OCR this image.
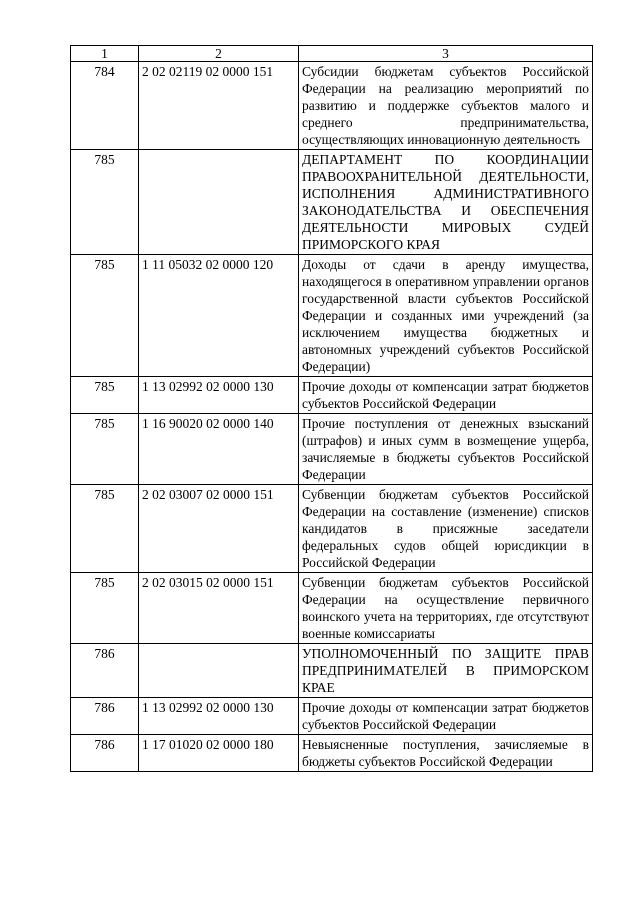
1	2	3
784	2 02 02119 02 0000 151	Субсидии бюджетам субъектов Российской Федерации на реализацию мероприятий по развитию и поддержке субъектов малого и среднего предпринимательства, осуществляющих инновационную деятельность
785		ДЕПАРТАМЕНТ ПО КООРДИНАЦИИ ПРАВООХРАНИТЕЛЬНОЙ ДЕЯТЕЛЬНОСТИ, ИСПОЛНЕНИЯ АДМИНИСТРАТИВНОГО ЗАКОНОДАТЕЛЬСТВА И ОБЕСПЕЧЕНИЯ ДЕЯТЕЛЬНОСТИ МИРОВЫХ СУДЕЙ ПРИМОРСКОГО КРАЯ
785	1 11 05032 02 0000 120	Доходы от сдачи в аренду имущества, находящегося в оперативном управлении органов государственной власти субъектов Российской Федерации и созданных ими учреждений (за исключением имущества бюджетных и автономных учреждений субъектов Российской Федерации)
785	1 13 02992 02 0000 130	Прочие доходы от компенсации затрат бюджетов субъектов Российской Федерации
785	1 16 90020 02 0000 140	Прочие поступления от денежных взысканий (штрафов) и иных сумм в возмещение ущерба, зачисляемые в бюджеты субъектов Российской Федерации
785	2 02 03007 02 0000 151	Субвенции бюджетам субъектов Российской Федерации на составление (изменение) списков кандидатов в присяжные заседатели федеральных судов общей юрисдикции в Российской Федерации
785	2 02 03015 02 0000 151	Субвенции бюджетам субъектов Российской Федерации на осуществление первичного воинского учета на территориях, где отсутствуют военные комиссариаты
786		УПОЛНОМОЧЕННЫЙ ПО ЗАЩИТЕ ПРАВ ПРЕДПРИНИМАТЕЛЕЙ В ПРИМОРСКОМ КРАЕ
786	1 13 02992 02 0000 130	Прочие доходы от компенсации затрат бюджетов субъектов Российской Федерации
786	1 17 01020 02 0000 180	Невыясненные поступления, зачисляемые в бюджеты субъектов Российской Федерации
